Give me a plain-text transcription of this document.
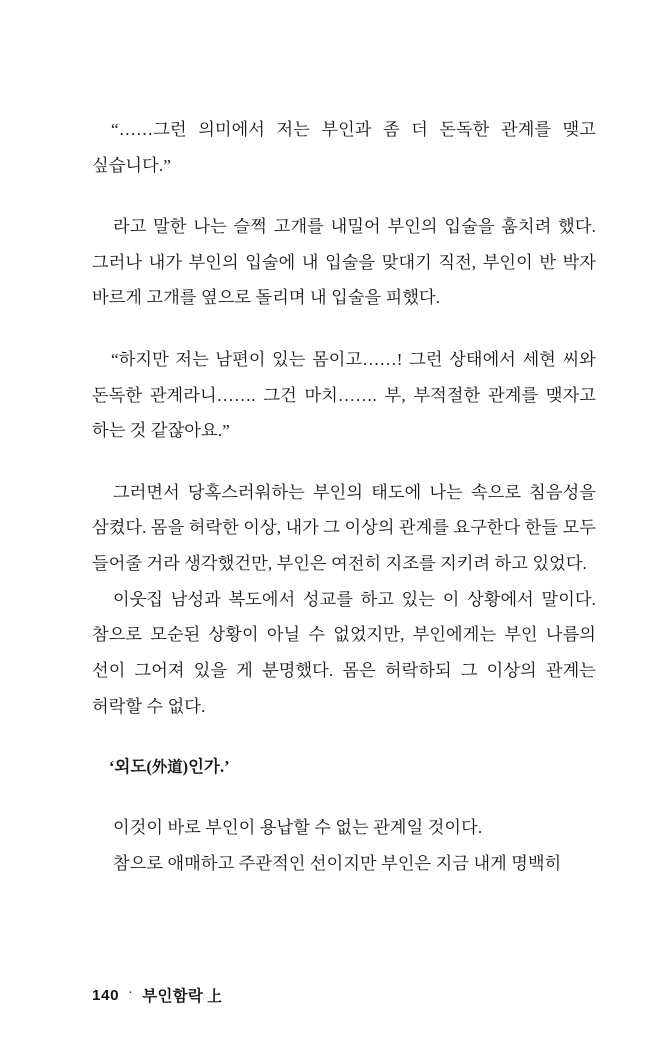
“……그런 의미에서 저는 부인과 좀 더 돈독한 관계를 맺고 싶습니다.”

라고 말한 나는 슬쩍 고개를 내밀어 부인의 입술을 훔치려 했다. 그러나 내가 부인의 입술에 내 입술을 맞대기 직전, 부인이 반 박자 바르게 고개를 옆으로 돌리며 내 입술을 피했다.

“하지만 저는 남편이 있는 몸이고……! 그런 상태에서 세현 씨와 돈독한 관계라니……. 그건 마치……. 부, 부적절한 관계를 맺자고 하는 것 같잖아요.”

그러면서 당혹스러워하는 부인의 태도에 나는 속으로 침음성을 삼켰다. 몸을 허락한 이상, 내가 그 이상의 관계를 요구한다 한들 모두 들어줄 거라 생각했건만, 부인은 여전히 지조를 지키려 하고 있었다.

이웃집 남성과 복도에서 성교를 하고 있는 이 상황에서 말이다. 참으로 모순된 상황이 아닐 수 없었지만, 부인에게는 부인 나름의 선이 그어져 있을 게 분명했다. 몸은 허락하되 그 이상의 관계는 허락할 수 없다.

‘외도(外道)인가.’

이것이 바로 부인이 용납할 수 없는 관계일 것이다.

참으로 애매하고 주관적인 선이지만 부인은 지금 내게 명백히

140 · 부인함락 上
